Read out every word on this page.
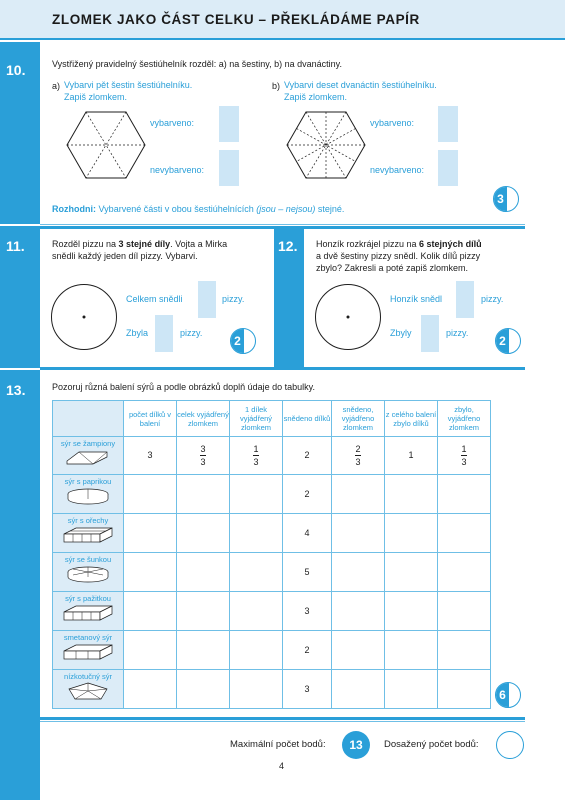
ZLOMEK JAKO ČÁST CELKU – PŘEKLÁDÁME PAPÍR
10.
11.
13.
Vystřižený pravidelný šestiúhelník rozděl: a) na šestiny, b) na dvanáctiny.
a) Vybarvi pět šestin šestiúhelníku.
Zapiš zlomkem.
vybarveno:
nevybarveno:
b) Vybarvi deset dvanáctin šestiúhelníku.
Zapiš zlomkem.
vybarveno:
nevybarveno:
Rozhodni: Vybarvené části v obou šestiúhelnících (jsou – nejsou) stejné.
3
Rozděl pizzu na 3 stejné díly. Vojta a Mirka
snědli každý jeden díl pizzy. Vybarvi.
Celkem snědli	pizzy.
Zbyla	pizzy.
2
12. Honzík rozkrájel pizzu na 6 stejných dílů
a dvě šestiny pizzy snědl. Kolik dílů pizzy
zbylo? Zakresli a poté zapiš zlomkem.
Honzík snědl	pizzy.
Zbyly	pizzy.
2
Pozoruj různá balení sýrů a podle obrázků doplň údaje do tabulky.
	počet dílků v balení	celek vyjádřený zlomkem	1 dílek vyjádřený zlomkem	snědeno dílků	snědeno, vyjádřeno zlomkem	z celého balení zbylo dílků	zbylo, vyjádřeno zlomkem

sýr se žampiony	3	$\frac{3}{3}$	$\frac{1}{3}$	2	$\frac{2}{3}$	1	$\frac{1}{3}$

sýr s paprikou				2			

sýr s ořechy				4			

sýr se šunkou				5			

sýr s pažitkou				3			

smetanový sýr				2			

nízkotučný sýr				3				6
Maximální počet bodů:	13	Dosažený počet bodů:
4
